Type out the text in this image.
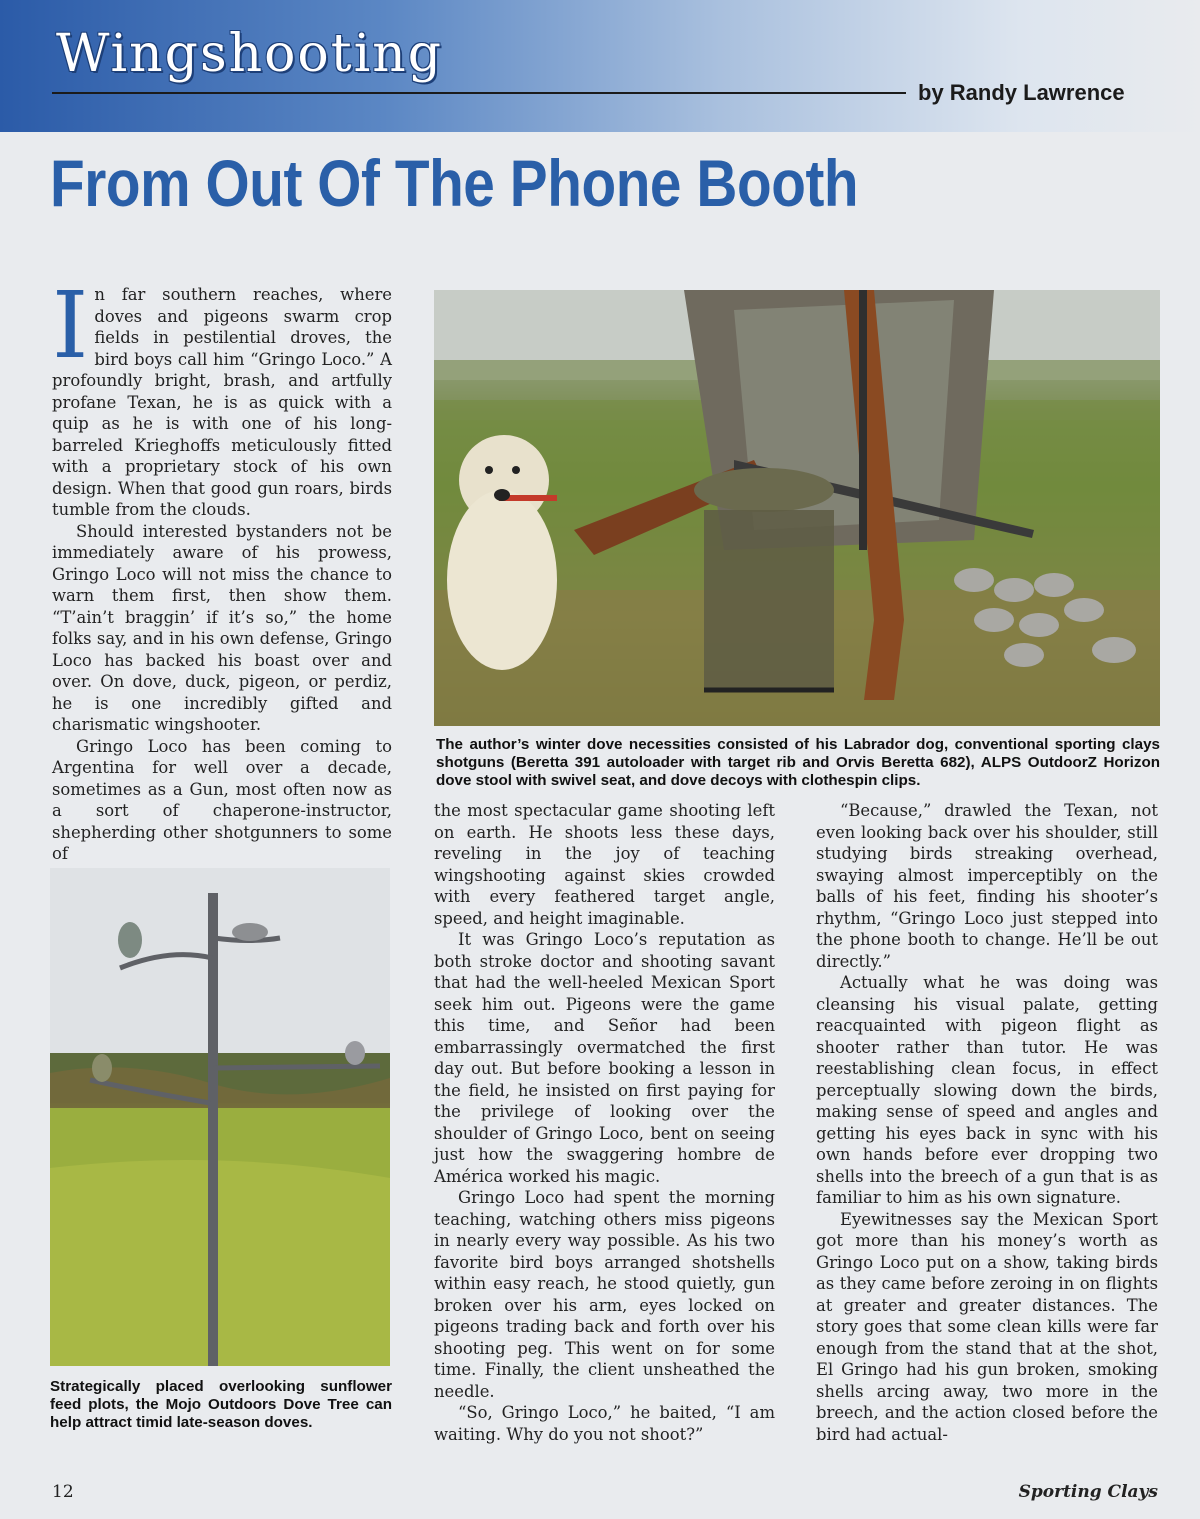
Wingshooting
by Randy Lawrence
From Out Of The Phone Booth

In far southern reaches, where doves and pigeons swarm crop fields in pestilential droves, the bird boys call him “Gringo Loco.” A profoundly bright, brash, and artfully profane Texan, he is as quick with a quip as he is with one of his long-barreled Krieghoffs meticulously fitted with a proprietary stock of his own design. When that good gun roars, birds tumble from the clouds.

Should interested bystanders not be immediately aware of his prowess, Gringo Loco will not miss the chance to warn them first, then show them. “T’ain’t braggin’ if it’s so,” the home folks say, and in his own defense, Gringo Loco has backed his boast over and over. On dove, duck, pigeon, or perdiz, he is one incredibly gifted and charismatic wingshooter.

Gringo Loco has been coming to Argentina for well over a decade, sometimes as a Gun, most often now as a sort of chaperone-instructor, shepherding other shotgunners to some of

The author’s winter dove necessities consisted of his Labrador dog, conventional sporting clays shotguns (Beretta 391 autoloader with target rib and Orvis Beretta 682), ALPS OutdoorZ Horizon dove stool with swivel seat, and dove decoys with clothespin clips.

the most spectacular game shooting left on earth. He shoots less these days, reveling in the joy of teaching wingshooting against skies crowded with every feathered target angle, speed, and height imaginable.

It was Gringo Loco’s reputation as both stroke doctor and shooting savant that had the well-heeled Mexican Sport seek him out. Pigeons were the game this time, and Señor had been embarrassingly overmatched the first day out. But before booking a lesson in the field, he insisted on first paying for the privilege of looking over the shoulder of Gringo Loco, bent on seeing just how the swaggering hombre de América worked his magic.

Gringo Loco had spent the morning teaching, watching others miss pigeons in nearly every way possible. As his two favorite bird boys arranged shotshells within easy reach, he stood quietly, gun broken over his arm, eyes locked on pigeons trading back and forth over his shooting peg. This went on for some time. Finally, the client unsheathed the needle.

“So, Gringo Loco,” he baited, “I am waiting. Why do you not shoot?”

“Because,” drawled the Texan, not even looking back over his shoulder, still studying birds streaking overhead, swaying almost imperceptibly on the balls of his feet, finding his shooter’s rhythm, “Gringo Loco just stepped into the phone booth to change. He’ll be out directly.”

Actually what he was doing was cleansing his visual palate, getting reacquainted with pigeon flight as shooter rather than tutor. He was reestablishing clean focus, in effect perceptually slowing down the birds, making sense of speed and angles and getting his eyes back in sync with his own hands before ever dropping two shells into the breech of a gun that is as familiar to him as his own signature.

Eyewitnesses say the Mexican Sport got more than his money’s worth as Gringo Loco put on a show, taking birds as they came before zeroing in on flights at greater and greater distances. The story goes that some clean kills were far enough from the stand that at the shot, El Gringo had his gun broken, smoking shells arcing away, two more in the breech, and the action closed before the bird had actual-

Strategically placed overlooking sunflower feed plots, the Mojo Outdoors Dove Tree can help attract timid late-season doves.
12	Sporting Clays
